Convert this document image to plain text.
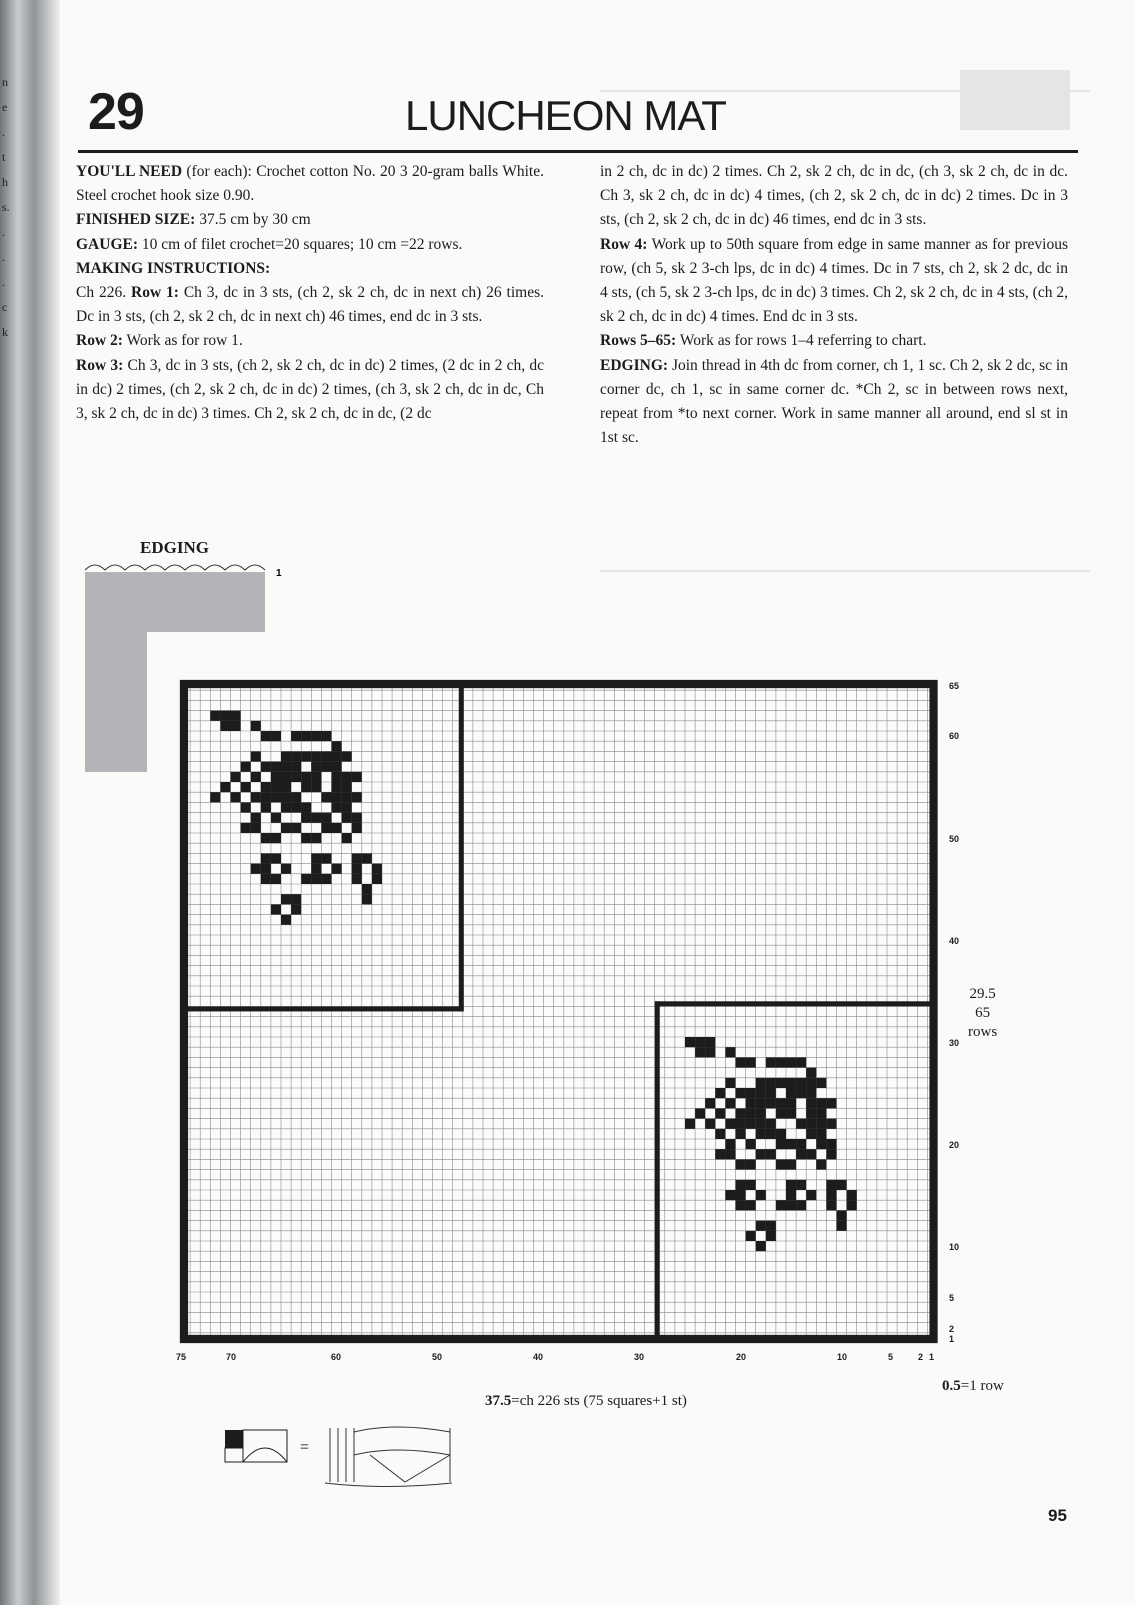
n
e
.
t
h
s.
.
.
.
c
k
29	LUNCHEON MAT

YOU'LL NEED (for each): Crochet cotton No. 20 3 20-gram balls White. Steel crochet hook size 0.90.

FINISHED SIZE: 37.5 cm by 30 cm

GAUGE: 10 cm of filet crochet=20 squares; 10 cm =22 rows.

MAKING INSTRUCTIONS:

Ch 226. Row 1: Ch 3, dc in 3 sts, (ch 2, sk 2 ch, dc in next ch) 26 times. Dc in 3 sts, (ch 2, sk 2 ch, dc in next ch) 46 times, end dc in 3 sts.

Row 2: Work as for row 1.

Row 3: Ch 3, dc in 3 sts, (ch 2, sk 2 ch, dc in dc) 2 times, (2 dc in 2 ch, dc in dc) 2 times, (ch 2, sk 2 ch, dc in dc) 2 times, (ch 3, sk 2 ch, dc in dc, Ch 3, sk 2 ch, dc in dc) 3 times. Ch 2, sk 2 ch, dc in dc, (2 dc

in 2 ch, dc in dc) 2 times. Ch 2, sk 2 ch, dc in dc, (ch 3, sk 2 ch, dc in dc. Ch 3, sk 2 ch, dc in dc) 4 times, (ch 2, sk 2 ch, dc in dc) 2 times. Dc in 3 sts, (ch 2, sk 2 ch, dc in dc) 46 times, end dc in 3 sts.

Row 4: Work up to 50th square from edge in same manner as for previous row, (ch 5, sk 2 3-ch lps, dc in dc) 4 times. Dc in 7 sts, ch 2, sk 2 dc, dc in 4 sts, (ch 5, sk 2 3-ch lps, dc in dc) 3 times. Ch 2, sk 2 ch, dc in 4 sts, (ch 2, sk 2 ch, dc in dc) 4 times. End dc in 3 sts.

Rows 5–65: Work as for rows 1–4 referring to chart.

EDGING: Join thread in 4th dc from corner, ch 1, 1 sc. Ch 2, sk 2 dc, sc in corner dc, ch 1, sc in same corner dc. *Ch 2, sc in between rows next, repeat from *to next corner. Work in same manner all around, end sl st in 1st sc.

EDGING
1
75	70	60	50	40	30	20	10	5	2 1
65
60
50
40
30
20
10
5
2
1
29.5
65
rows
37.5=ch 226 sts (75 squares+1 st)
0.5=1 row
=
95
